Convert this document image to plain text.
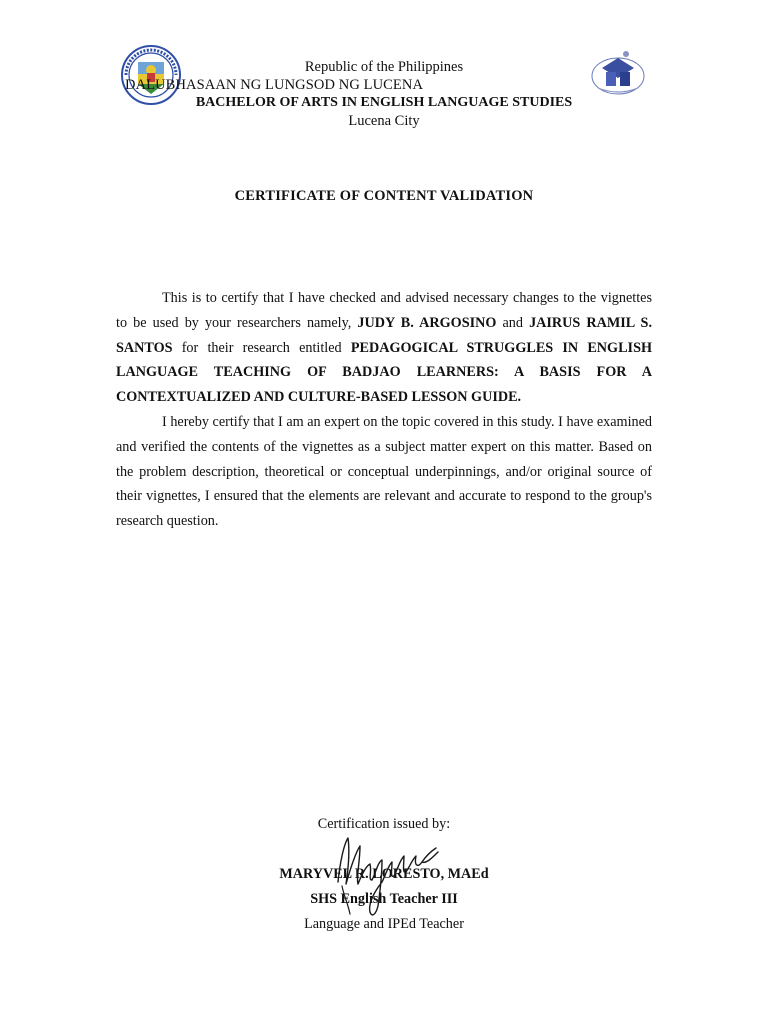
Republic of the Philippines
DALUBHASAAN NG LUNGSOD NG LUCENA
BACHELOR OF ARTS IN ENGLISH LANGUAGE STUDIES
Lucena City
CERTIFICATE OF CONTENT VALIDATION

This is to certify that I have checked and advised necessary changes to the vignettes to be used by your researchers namely, JUDY B. ARGOSINO and JAIRUS RAMIL S. SANTOS for their research entitled PEDAGOGICAL STRUGGLES IN ENGLISH LANGUAGE TEACHING OF BADJAO LEARNERS: A BASIS FOR A CONTEXTUALIZED AND CULTURE-BASED LESSON GUIDE.

I hereby certify that I am an expert on the topic covered in this study. I have examined and verified the contents of the vignettes as a subject matter expert on this matter. Based on the problem description, theoretical or conceptual underpinnings, and/or original source of their vignettes, I ensured that the elements are relevant and accurate to respond to the group's research question.

Certification issued by:
MARYVEL R. LORESTO, MAEd
SHS English Teacher III
Language and IPEd Teacher
